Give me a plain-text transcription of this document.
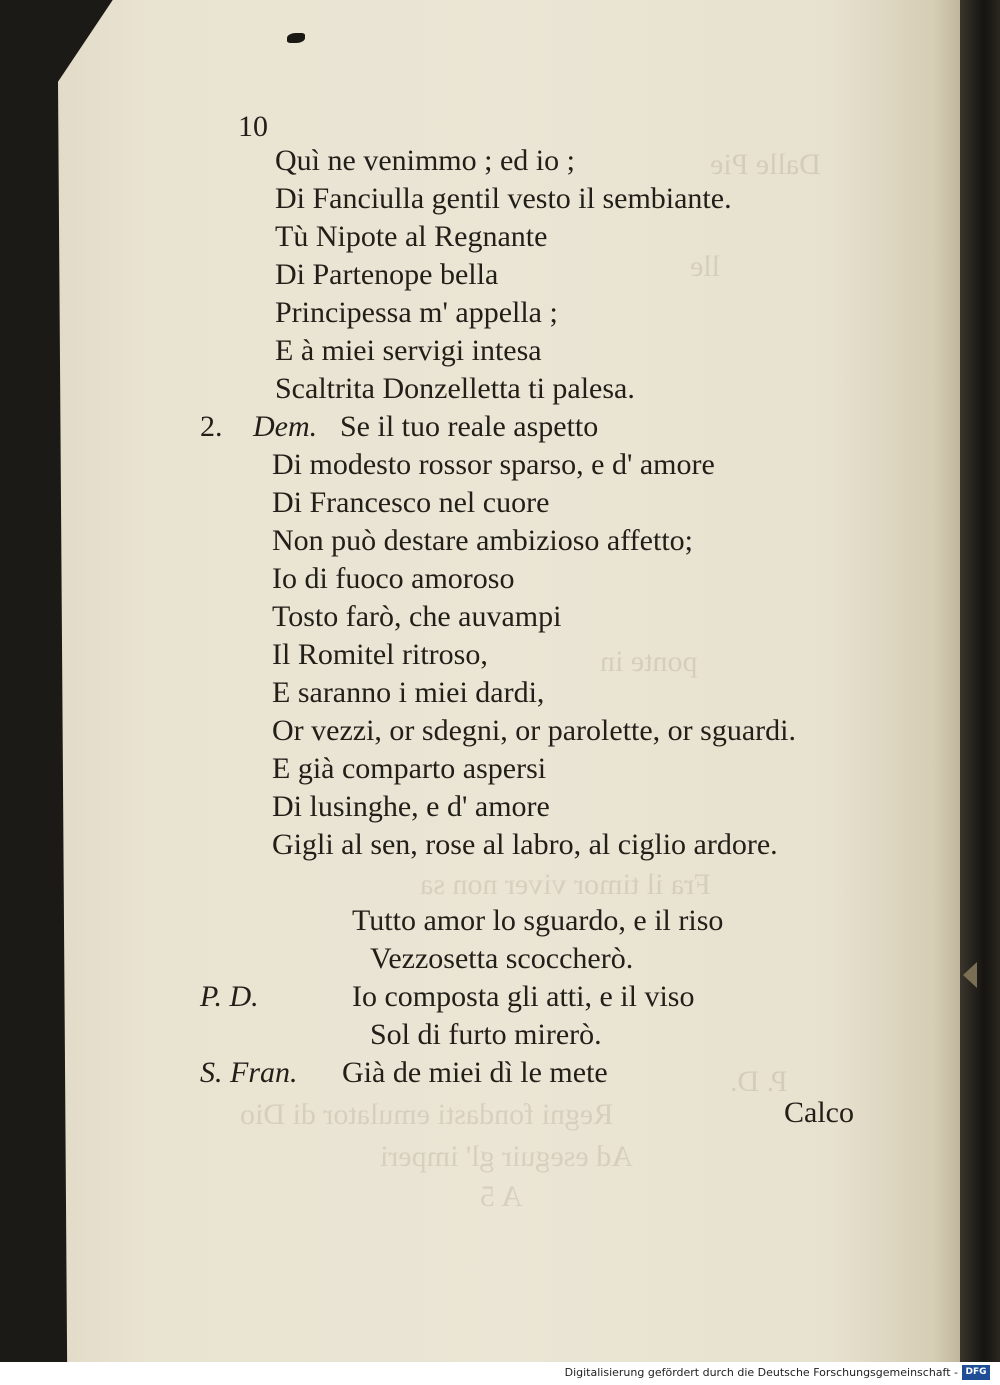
Dalle Pie
lle
ponte in
Fra il timor viver non sa
P. D.
Regni fondasti emulator di Dio
Ad eseguir gl' imperi
A 5
10
Quì ne venimmo ; ed io ;
Di Fanciulla gentil vesto il sembiante.
Tù Nipote al Regnante
Di Partenope bella
Principessa m' appella ;
E à miei servigi intesa
Scaltrita Donzelletta ti palesa.
2. Dem. Se il tuo reale aspetto
Di modesto rossor sparso, e d' amore
Di Francesco nel cuore
Non può destare ambizioso affetto;
Io di fuoco amoroso
Tosto farò, che auvampi
Il Romitel ritroso,
E saranno i miei dardi,
Or vezzi, or sdegni, or parolette, or sguardi.
E già comparto aspersi
Di lusinghe, e d' amore
Gigli al sen, rose al labro, al ciglio ardore.
Tutto amor lo sguardo, e il riso
Vezzosetta scoccherò.
P. D.	Io composta gli atti, e il viso
Sol di furto mirerò.
S. Fran. Già de miei dì le mete
Calco
Digitalisierung gefördert durch die Deutsche Forschungsgemeinschaft - DFG
